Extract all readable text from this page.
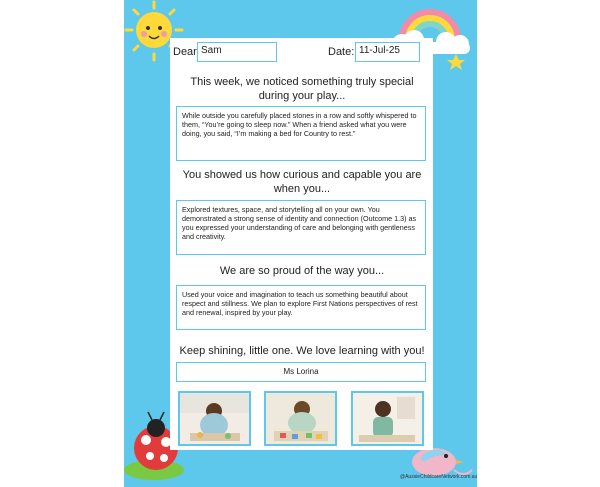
Dear Sam	Date: 11-Jul-25
This week, we noticed something truly special during your play...
While outside you carefully placed stones in a row and softly whispered to them, “You’re going to sleep now.” When a friend asked what you were doing, you said, “I’m making a bed for Country to rest.”
You showed us how curious and capable you are when you...
Explored textures, space, and storytelling all on your own. You demonstrated a strong sense of identity and connection (Outcome 1.3) as you expressed your understanding of care and belonging with gentleness and creativity.
We are so proud of the way you...
Used your voice and imagination to teach us something beautiful about respect and stillness. We plan to explore First Nations perspectives of rest and renewal, inspired by your play.
Keep shining, little one. We love learning with you!
Ms Lorina
@AussieChildcareNetwork.com.au
